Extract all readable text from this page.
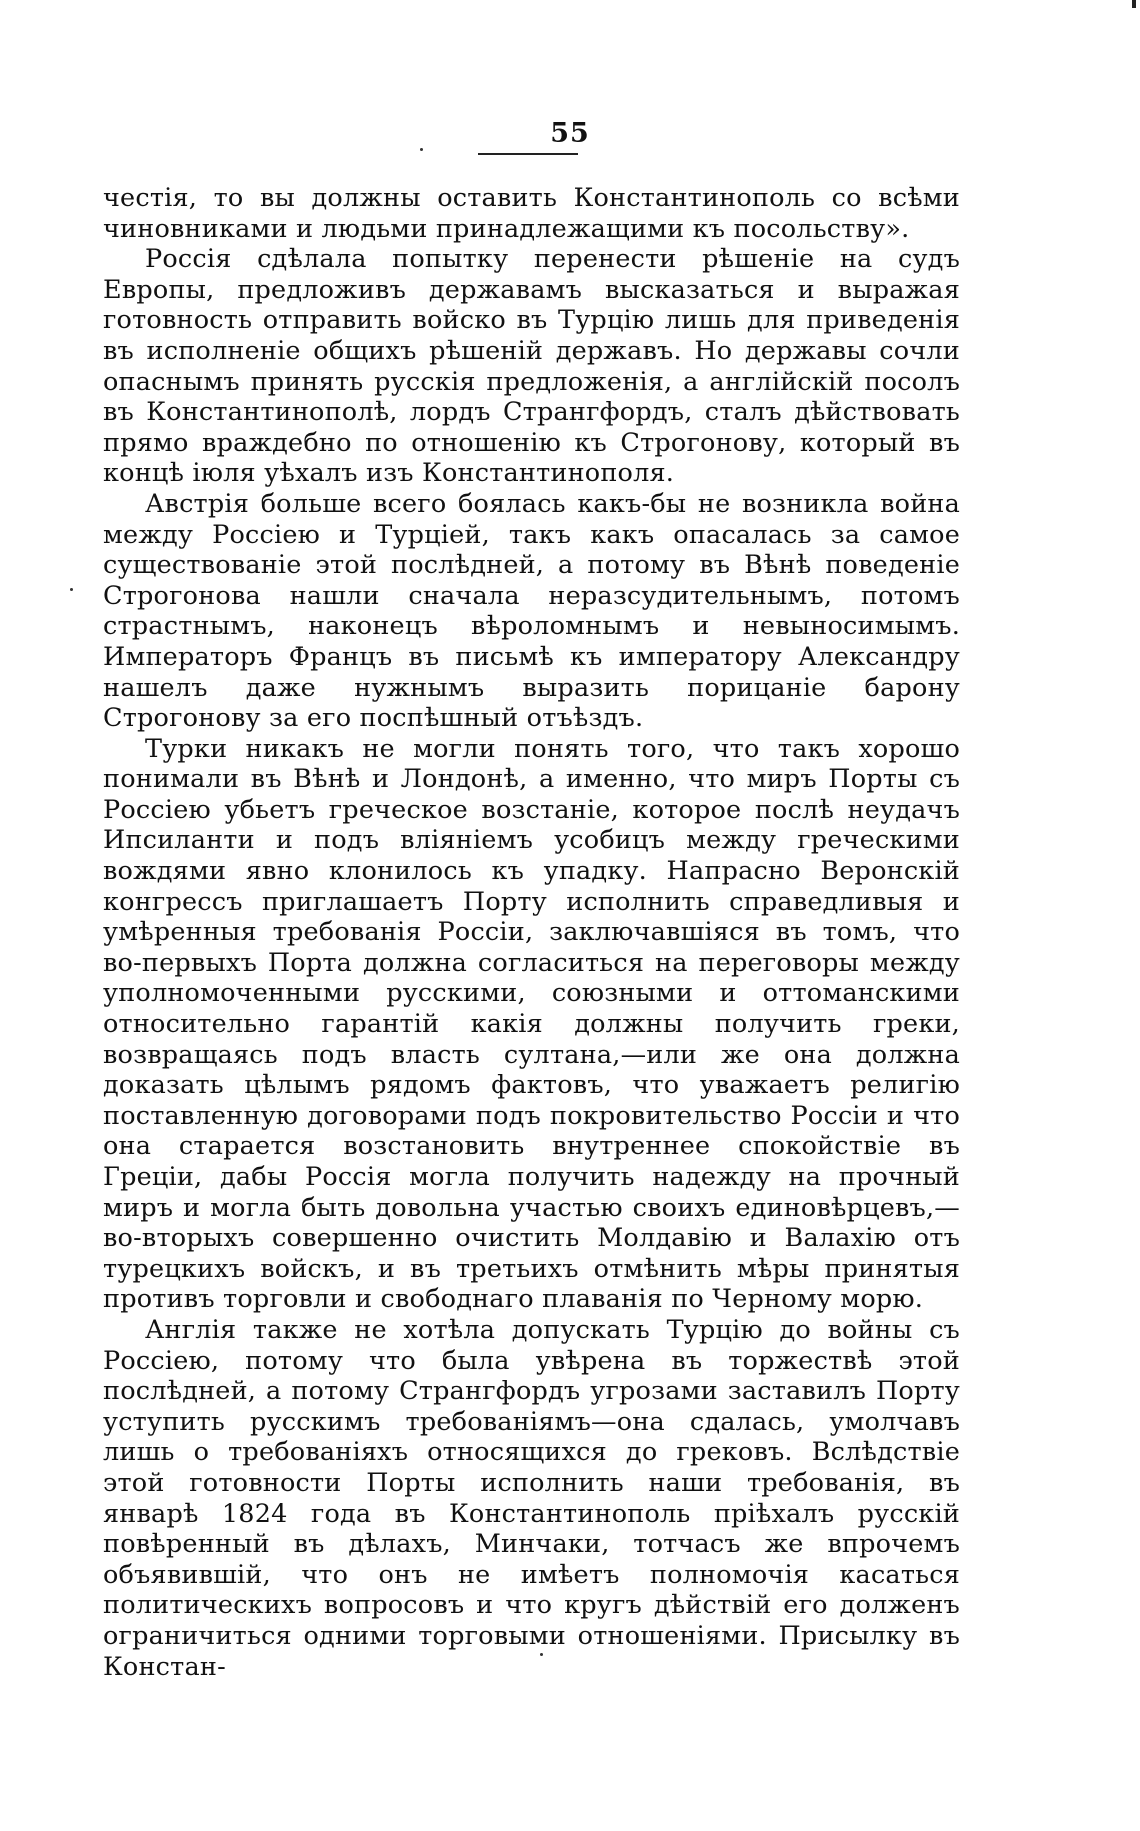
55

честія, то вы должны оставить Константинополь со всѣми чиновниками и людьми принадлежащими къ посольству».

Россія сдѣлала попытку перенести рѣшеніе на судъ Европы, предложивъ державамъ высказаться и выражая готовность отправить войско въ Турцію лишь для приведенія въ исполненіе общихъ рѣшеній державъ. Но державы сочли опаснымъ принять русскія предложенія, а англійскій посолъ въ Константинополѣ, лордъ Странгфордъ, сталъ дѣйствовать прямо враждебно по отношенію къ Строгонову, который въ концѣ іюля уѣхалъ изъ Константинополя.

Австрія больше всего боялась какъ-бы не возникла война между Россіею и Турціей, такъ какъ опасалась за самое существованіе этой послѣдней, а потому въ Вѣнѣ поведеніе Строгонова нашли сначала неразсудительнымъ, потомъ страстнымъ, наконецъ вѣроломнымъ и невыносимымъ. Императоръ Францъ въ письмѣ къ императору Александру нашелъ даже нужнымъ выразить порицаніе барону Строгонову за его поспѣшный отъѣздъ.

Турки никакъ не могли понять того, что такъ хорошо понимали въ Вѣнѣ и Лондонѣ, а именно, что миръ Порты съ Россіею убьетъ греческое возстаніе, которое послѣ неудачъ Ипсиланти и подъ вліяніемъ усобицъ между греческими вождями явно клонилось къ упадку. Напрасно Веронскій конгрессъ приглашаетъ Порту исполнить справедливыя и умѣренныя требованія Россіи, заключавшіяся въ томъ, что во-первыхъ Порта должна согласиться на переговоры между уполномоченными русскими, союзными и оттоманскими относительно гарантій какія должны получить греки, возвращаясь подъ власть султана,—или же она должна доказать цѣлымъ рядомъ фактовъ, что уважаетъ религію поставленную договорами подъ покровительство Россіи и что она старается возстановить внутреннее спокойствіе въ Греціи, дабы Россія могла получить надежду на прочный миръ и могла быть довольна участью своихъ единовѣрцевъ,—во-вторыхъ совершенно очистить Молдавію и Валахію отъ турецкихъ войскъ, и въ третьихъ отмѣнить мѣры принятыя противъ торговли и свободнаго плаванія по Черному морю.

Англія также не хотѣла допускать Турцію до войны съ Россіею, потому что была увѣрена въ торжествѣ этой послѣдней, а потому Странгфордъ угрозами заставилъ Порту уступить русскимъ требованіямъ—она сдалась, умолчавъ лишь о требованіяхъ относящихся до грековъ. Вслѣдствіе этой готовности Порты исполнить наши требованія, въ январѣ 1824 года въ Константинополь пріѣхалъ русскій повѣренный въ дѣлахъ, Минчаки, тотчасъ же впрочемъ объявившій, что онъ не имѣетъ полномочія касаться политическихъ вопросовъ и что кругъ дѣйствій его долженъ ограничиться одними торговыми отношеніями. Присылку въ Констан-
